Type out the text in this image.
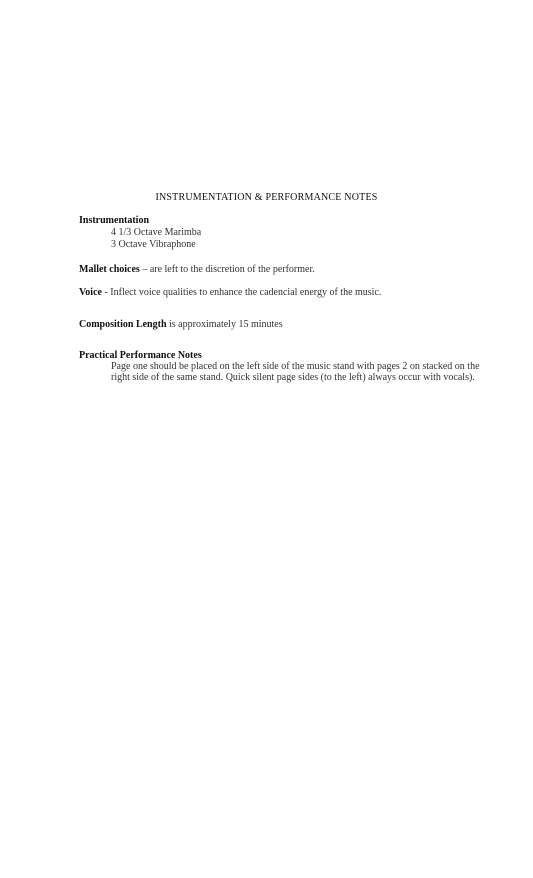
INSTRUMENTATION & PERFORMANCE NOTES
Instrumentation
4 1/3 Octave Marimba
3 Octave Vibraphone
Mallet choices – are left to the discretion of the performer.
Voice - Inflect voice qualities to enhance the cadencial energy of the music.
Composition Length is approximately 15 minutes
Practical Performance Notes
Page one should be placed on the left side of the music stand with pages 2 on stacked on the right side of the same stand. Quick silent page sides (to the left) always occur with vocals).
